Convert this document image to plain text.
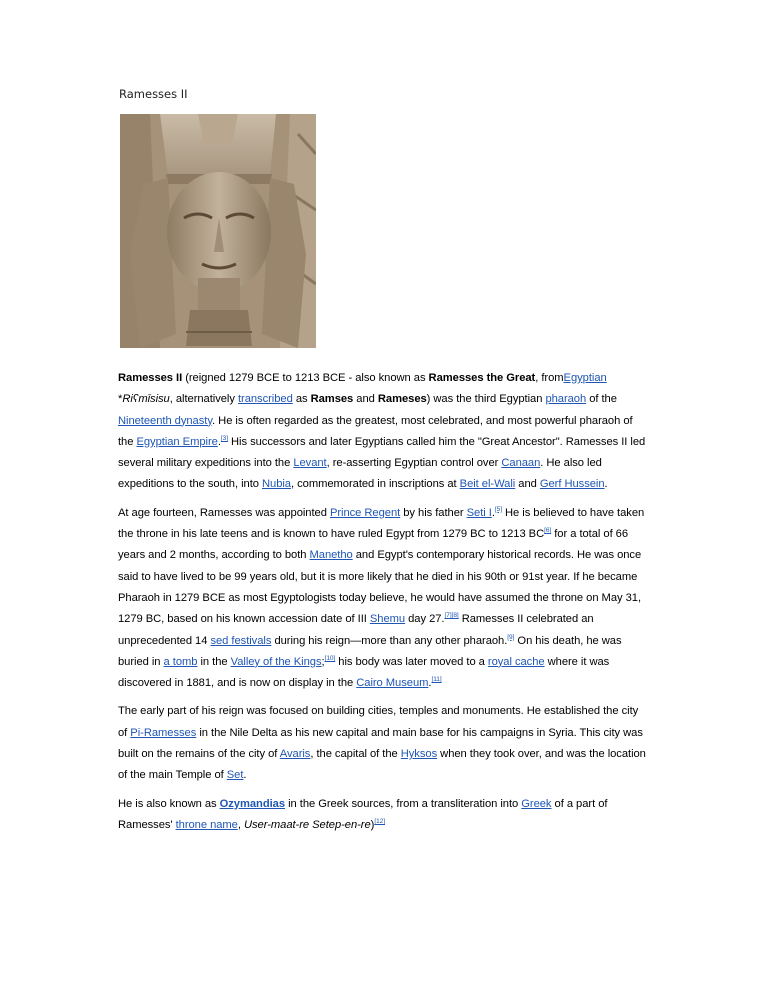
Ramesses II

Ramesses II (reigned 1279 BCE to 1213 BCE - also known as Ramesses the Great, fromEgyptian *Riʕmīsisu, alternatively transcribed as Ramses and Rameses) was the third Egyptian pharaoh of the Nineteenth dynasty. He is often regarded as the greatest, most celebrated, and most powerful pharaoh of the Egyptian Empire.[3] His successors and later Egyptians called him the "Great Ancestor". Ramesses II led several military expeditions into the Levant, re-asserting Egyptian control over Canaan. He also led expeditions to the south, into Nubia, commemorated in inscriptions at Beit el-Wali and Gerf Hussein.

At age fourteen, Ramesses was appointed Prince Regent by his father Seti I.[5] He is believed to have taken the throne in his late teens and is known to have ruled Egypt from 1279 BC to 1213 BC[6] for a total of 66 years and 2 months, according to both Manetho and Egypt's contemporary historical records. He was once said to have lived to be 99 years old, but it is more likely that he died in his 90th or 91st year. If he became Pharaoh in 1279 BCE as most Egyptologists today believe, he would have assumed the throne on May 31, 1279 BC, based on his known accession date of III Shemu day 27.[7][8] Ramesses II celebrated an unprecedented 14 sed festivals during his reign—more than any other pharaoh.[9] On his death, he was buried in a tomb in the Valley of the Kings;[10] his body was later moved to a royal cache where it was discovered in 1881, and is now on display in the Cairo Museum.[11]

The early part of his reign was focused on building cities, temples and monuments. He established the city of Pi-Ramesses in the Nile Delta as his new capital and main base for his campaigns in Syria. This city was built on the remains of the city of Avaris, the capital of the Hyksos when they took over, and was the location of the main Temple of Set.

He is also known as Ozymandias in the Greek sources, from a transliteration into Greek of a part of Ramesses' throne name, User-maat-re Setep-en-re)[12]
